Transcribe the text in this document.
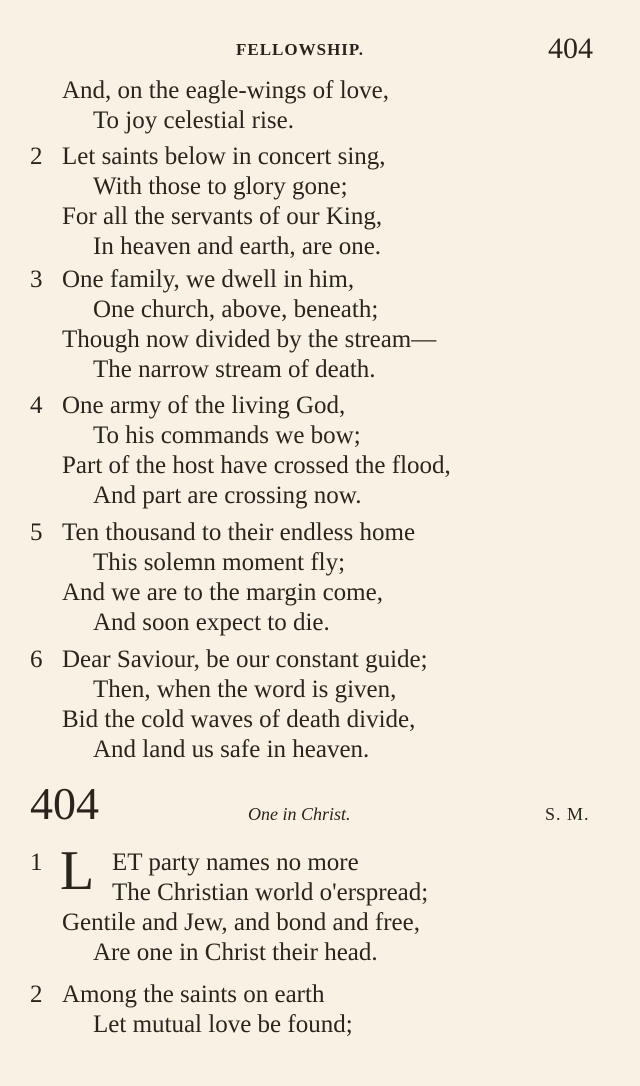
FELLOWSHIP.	404
And, on the eagle-wings of love,
To joy celestial rise.
2 Let saints below in concert sing,
With those to glory gone;
For all the servants of our King,
In heaven and earth, are one.
3 One family, we dwell in him,
One church, above, beneath;
Though now divided by the stream—
The narrow stream of death.
4 One army of the living God,
To his commands we bow;
Part of the host have crossed the flood,
And part are crossing now.
5 Ten thousand to their endless home
This solemn moment fly;
And we are to the margin come,
And soon expect to die.
6 Dear Saviour, be our constant guide;
Then, when the word is given,
Bid the cold waves of death divide,
And land us safe in heaven.
404	One in Christ.	S. M.
1	ET party names no more
The Christian world o'erspread;
Gentile and Jew, and bond and free,
Are one in Christ their head.
L
2 Among the saints on earth
Let mutual love be found;
